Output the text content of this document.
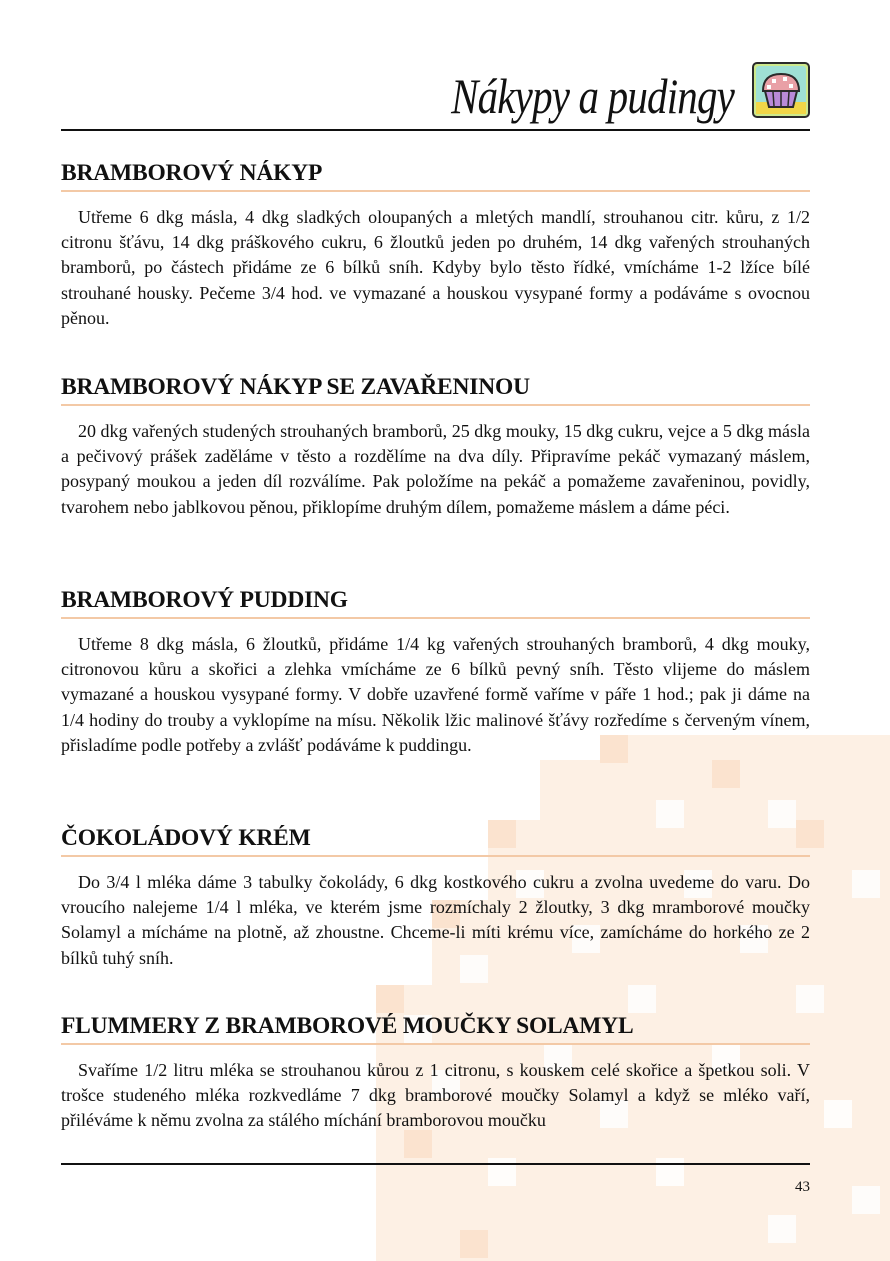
Nákypy a pudingy
BRAMBOROVÝ NÁKYP

Utřeme 6 dkg másla, 4 dkg sladkých oloupaných a mletých mandlí, strouhanou citr. kůru, z 1/2 citronu šťávu, 14 dkg práškového cukru, 6 žloutků jeden po druhém, 14 dkg vařených strouhaných bramborů, po částech přidáme ze 6 bílků sníh. Kdyby bylo těsto řídké, vmícháme 1-2 lžíce bílé strouhané housky. Pečeme 3/4 hod. ve vymazané a houskou vysypané formy a podáváme s ovocnou pěnou.

BRAMBOROVÝ NÁKYP SE ZAVAŘENINOU

20 dkg vařených studených strouhaných bramborů, 25 dkg mouky, 15 dkg cukru, vejce a 5 dkg másla a pečivový prášek zaděláme v těsto a rozdělíme na dva díly. Připravíme pekáč vymazaný máslem, posypaný moukou a jeden díl rozválíme. Pak položíme na pekáč a pomažeme zavařeninou, povidly, tvarohem nebo jablkovou pěnou, přiklopíme druhým dílem, pomažeme máslem a dáme péci.

BRAMBOROVÝ PUDDING

Utřeme 8 dkg másla, 6 žloutků, přidáme 1/4 kg vařených strouhaných bramborů, 4 dkg mouky, citronovou kůru a skořici a zlehka vmícháme ze 6 bílků pevný sníh. Těsto vlijeme do máslem vymazané a houskou vysypané formy. V dobře uzavřené formě vaříme v páře 1 hod.; pak ji dáme na 1/4 hodiny do trouby a vyklopíme na mísu. Několik lžic malinové šťávy rozředíme s červeným vínem, přisladíme podle potřeby a zvlášť podáváme k puddingu.

ČOKOLÁDOVÝ KRÉM

Do 3/4 l mléka dáme 3 tabulky čokolády, 6 dkg kostkového cukru a zvolna uvedeme do varu. Do vroucího nalejeme 1/4 l mléka, ve kterém jsme rozmíchaly 2 žloutky, 3 dkg mramborové moučky Solamyl a mícháme na plotně, až zhoustne. Chceme-li míti krému více, zamícháme do horkého ze 2 bílků tuhý sníh.

FLUMMERY Z BRAMBOROVÉ MOUČKY SOLAMYL

Svaříme 1/2 litru mléka se strouhanou kůrou z 1 citronu, s kouskem celé skořice a špetkou soli. V trošce studeného mléka rozkvedláme 7 dkg bramborové moučky Solamyl a když se mléko vaří, přiléváme k němu zvolna za stálého míchání bramborovou moučku

43
